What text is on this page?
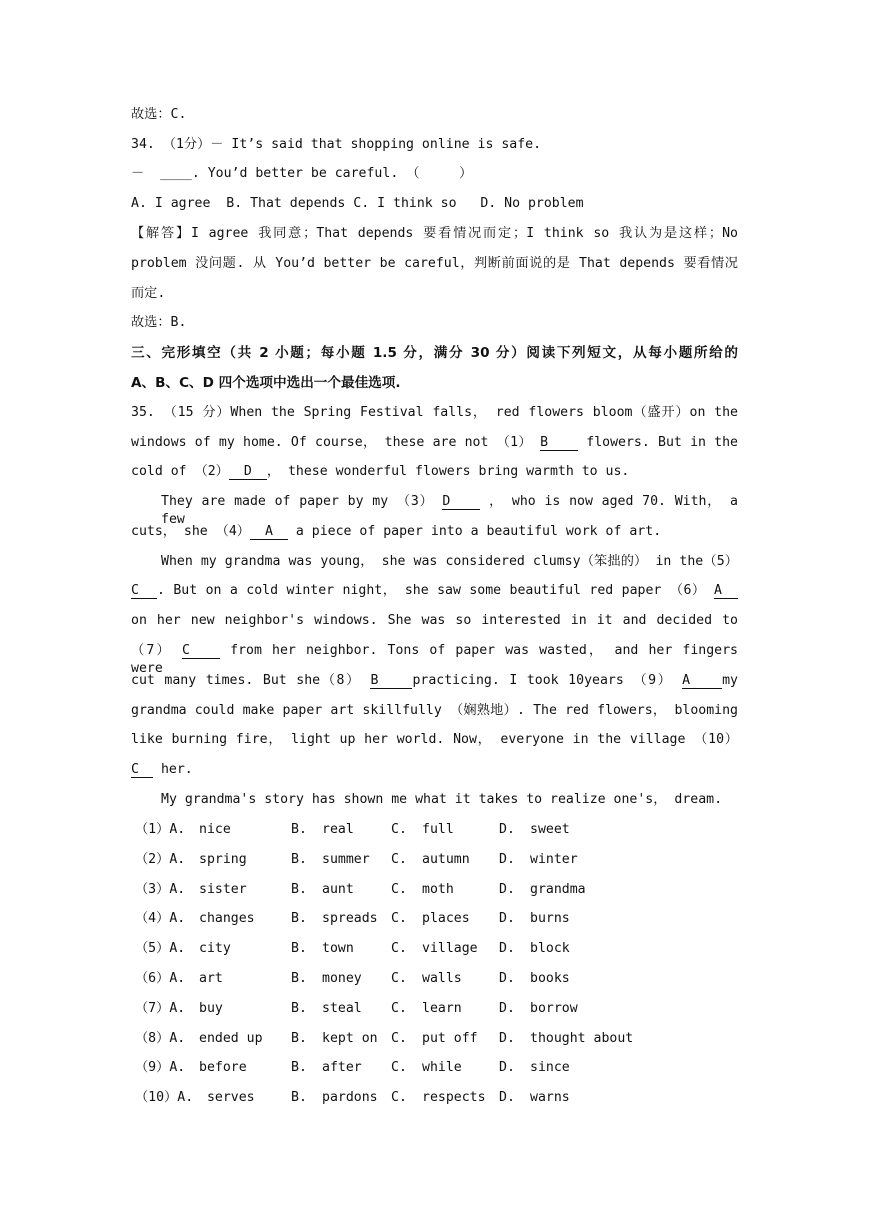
故选：C.
34. （1分）－ It’s said that shopping online is safe.
－  ____. You’d better be careful. （     ）
A. I agree  B. That depends C. I think so   D. No problem
【解答】I agree 我同意；That depends 要看情况而定；I think so 我认为是这样；No
problem 没问题. 从 You’d better be careful，判断前面说的是 That depends 要看情况
而定.
故选：B.
三、完形填空（共 2 小题；每小题 1.5 分，满分 30 分）阅读下列短文，从每小题所给的
A、B、C、D 四个选项中选出一个最佳选项.
35. （15 分）When the Spring Festival falls， red flowers bloom（盛开）on the
windows of my home. Of course， these are not （1） B	flowers. But in the
cold of （2） D ， these wonderful flowers bring warmth to us.
They are made of paper by my （3） D	， who is now aged 70. With， a few
cuts， she （4） A a piece of paper into a beautiful work of art.
When my grandma was young， she was considered clumsy（笨拙的） in the（5）
C . But on a cold winter night， she saw some beautiful red paper （6） A
on her new neighbor's windows. She was so interested in it and decided to
（7） C	from her neighbor. Tons of paper was wasted， and her fingers were
cut many times. But she（8） B	practicing. I took 10years （9） A my
grandma could make paper art skillfully （娴熟地）. The red flowers， blooming
like burning fire， light up her world. Now， everyone in the village （10）
C her.
My grandma's story has shown me what it takes to realize one's， dream.
（1）A. nice	B. real	C. full	D. sweet
（2）A. spring	B. summer C. autumn D. winter
（3）A. sister	B. aunt	C. moth	D. grandma
（4）A. changes	B. spreads C. places D. burns
（5）A. city	B. town	C. village D. block
（6）A. art	B. money C. walls	D. books
（7）A. buy	B. steal C. learn	D. borrow
（8）A. ended up B. kept on C. put off D. thought about
（9）A. before	B. after C. while	D. since
（10）A. serves	B. pardons C. respects D. warns
